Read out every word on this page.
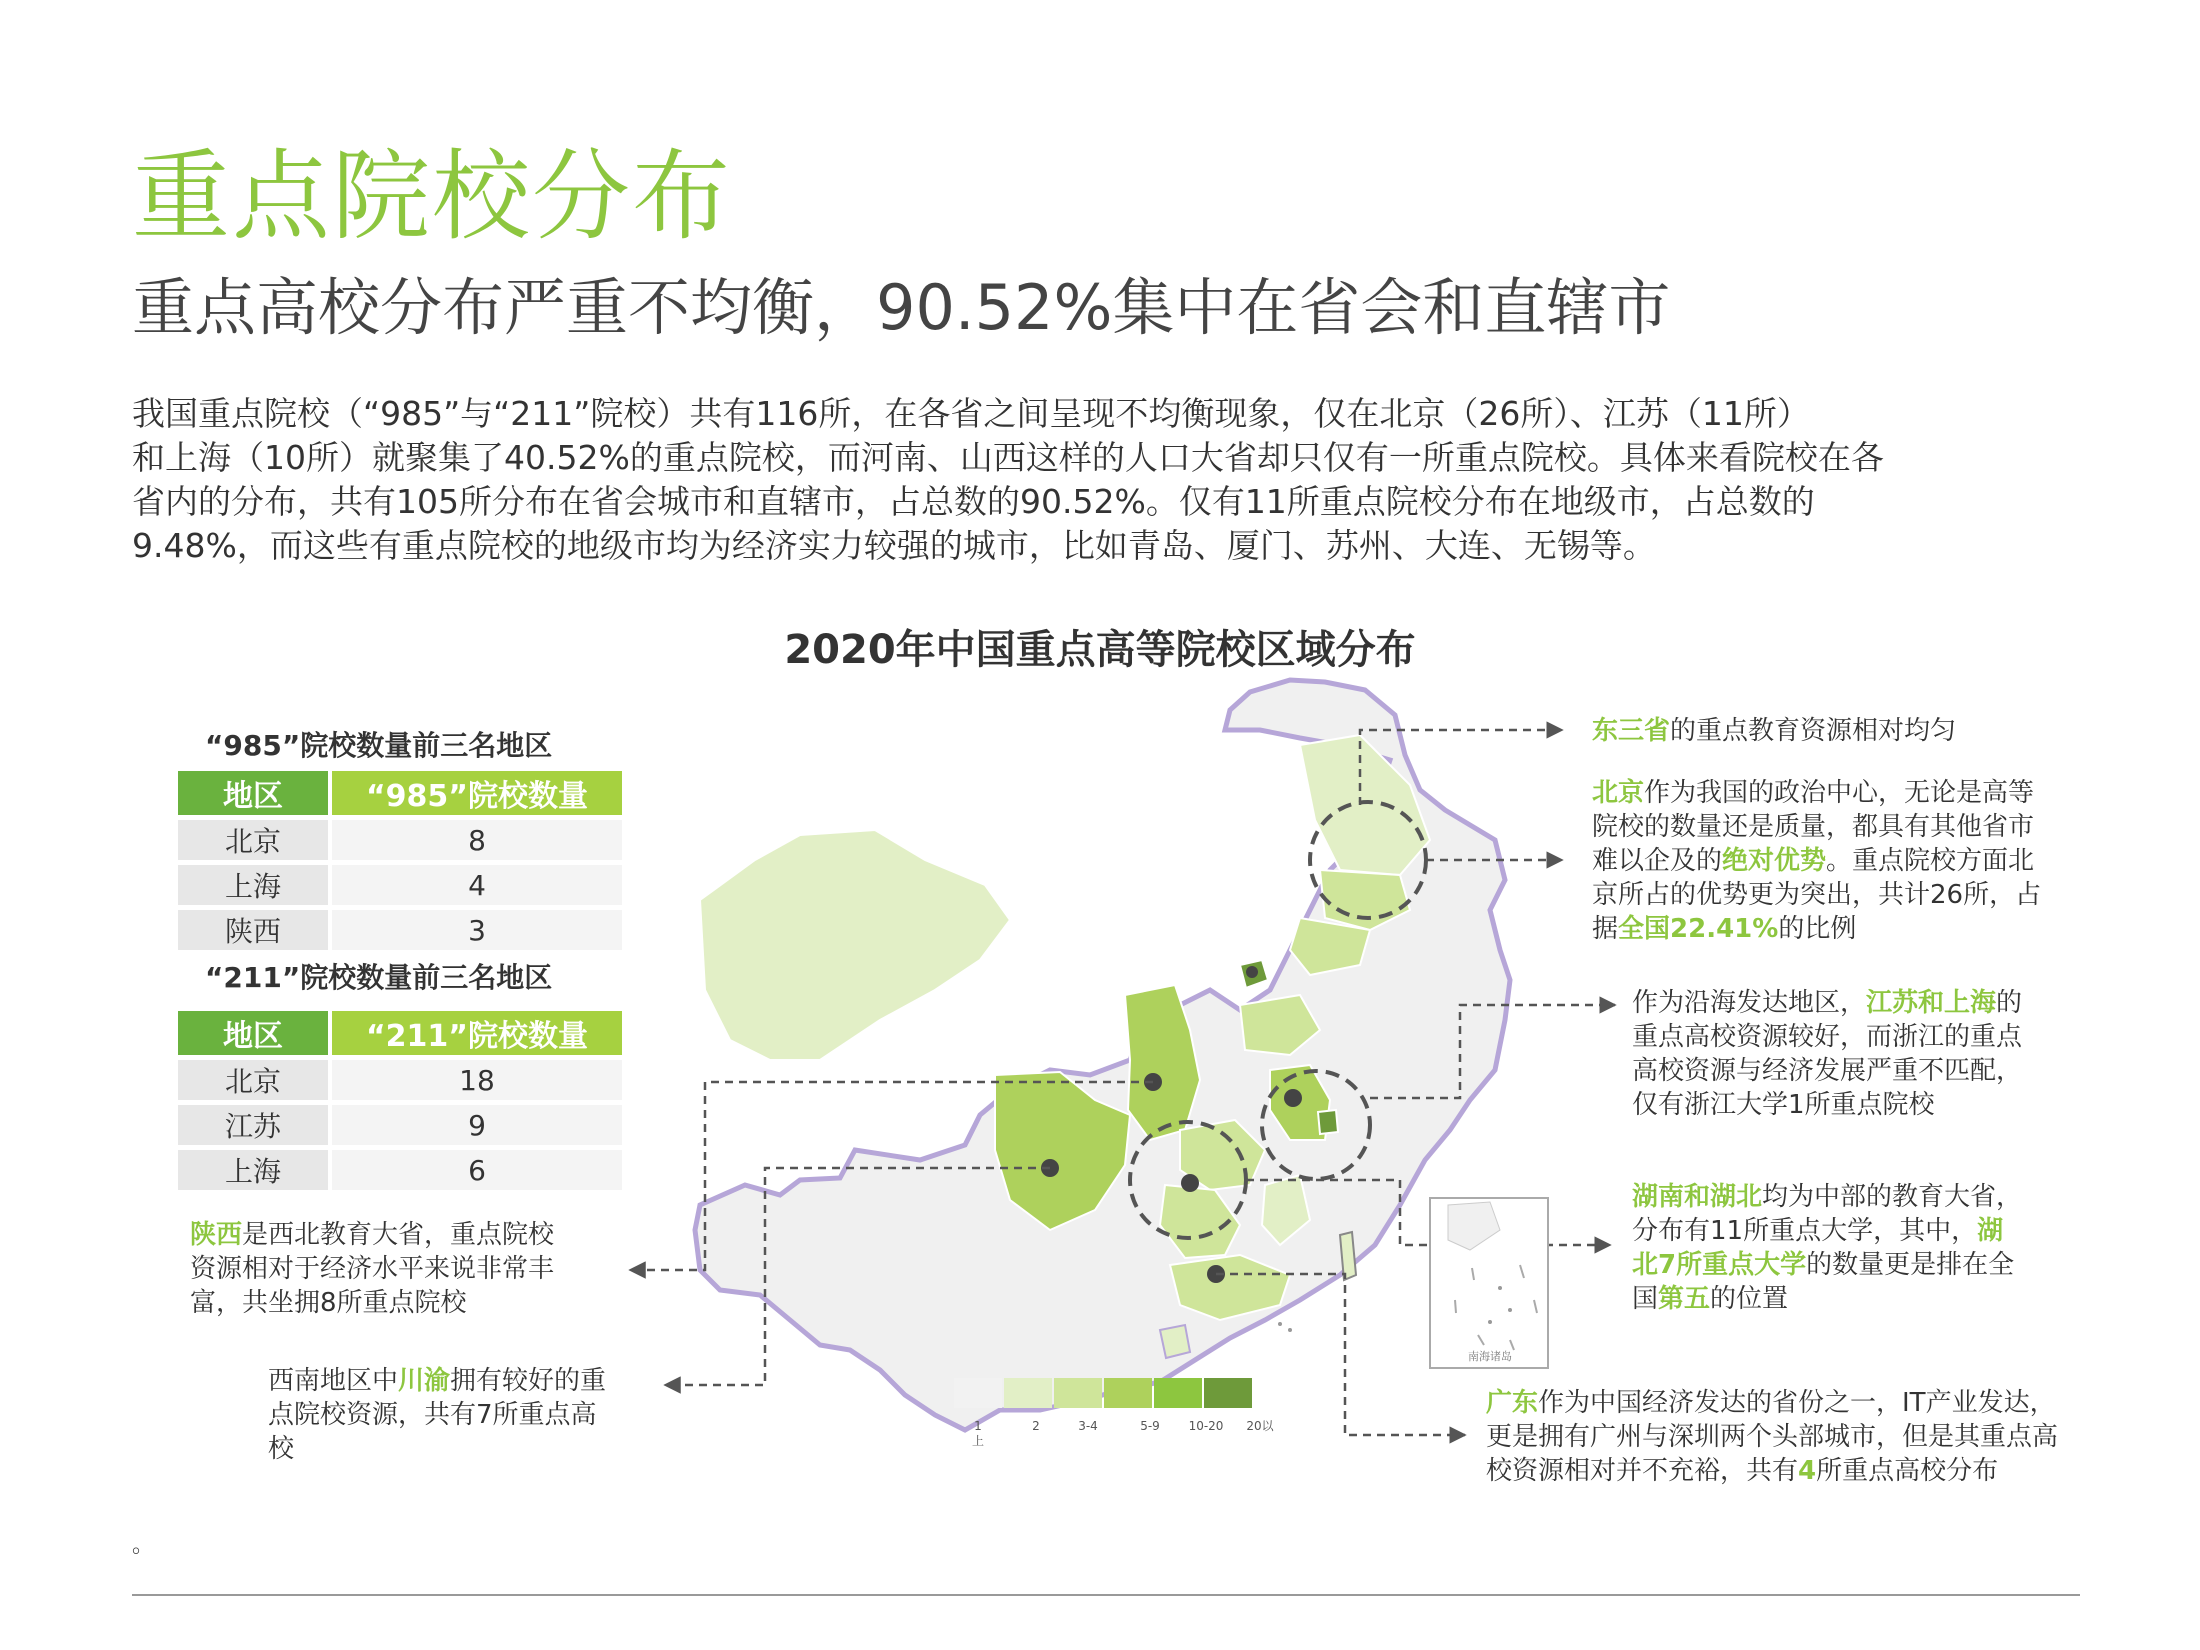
重点院校分布
重点高校分布严重不均衡，90.52%集中在省会和直辖市
我国重点院校（“985”与“211”院校）共有116所，在各省之间呈现不均衡现象，仅在北京（26所）、江苏（11所）
和上海（10所）就聚集了40.52%的重点院校，而河南、山西这样的人口大省却只仅有一所重点院校。具体来看院校在各
省内的分布，共有105所分布在省会城市和直辖市，占总数的90.52%。仅有11所重点院校分布在地级市，占总数的
9.48%，而这些有重点院校的地级市均为经济实力较强的城市，比如青岛、厦门、苏州、大连、无锡等。
2020年中国重点高等院校区域分布
“985”院校数量前三名地区
地区	“985”院校数量
北京	8
上海	4
陕西	3
“211”院校数量前三名地区
地区	“211”院校数量
北京	18
江苏	9
上海	6
南海诸岛
1
上
2	3-4	5-9 10-20 20以
东三省的重点教育资源相对均匀
北京作为我国的政治中心，无论是高等
院校的数量还是质量，都具有其他省市
难以企及的绝对优势。重点院校方面北
京所占的优势更为突出，共计26所，占
据全国22.41%的比例
作为沿海发达地区，江苏和上海的
重点高校资源较好，而浙江的重点
高校资源与经济发展严重不匹配，
仅有浙江大学1所重点院校
湖南和湖北均为中部的教育大省，
分布有11所重点大学，其中，湖
北7所重点大学的数量更是排在全
国第五的位置
陕西是西北教育大省，重点院校
资源相对于经济水平来说非常丰
富，共坐拥8所重点院校
西南地区中川渝拥有较好的重
点院校资源，共有7所重点高
校
广东作为中国经济发达的省份之一，IT产业发达，
更是拥有广州与深圳两个头部城市，但是其重点高
校资源相对并不充裕，共有4所重点高校分布
。
